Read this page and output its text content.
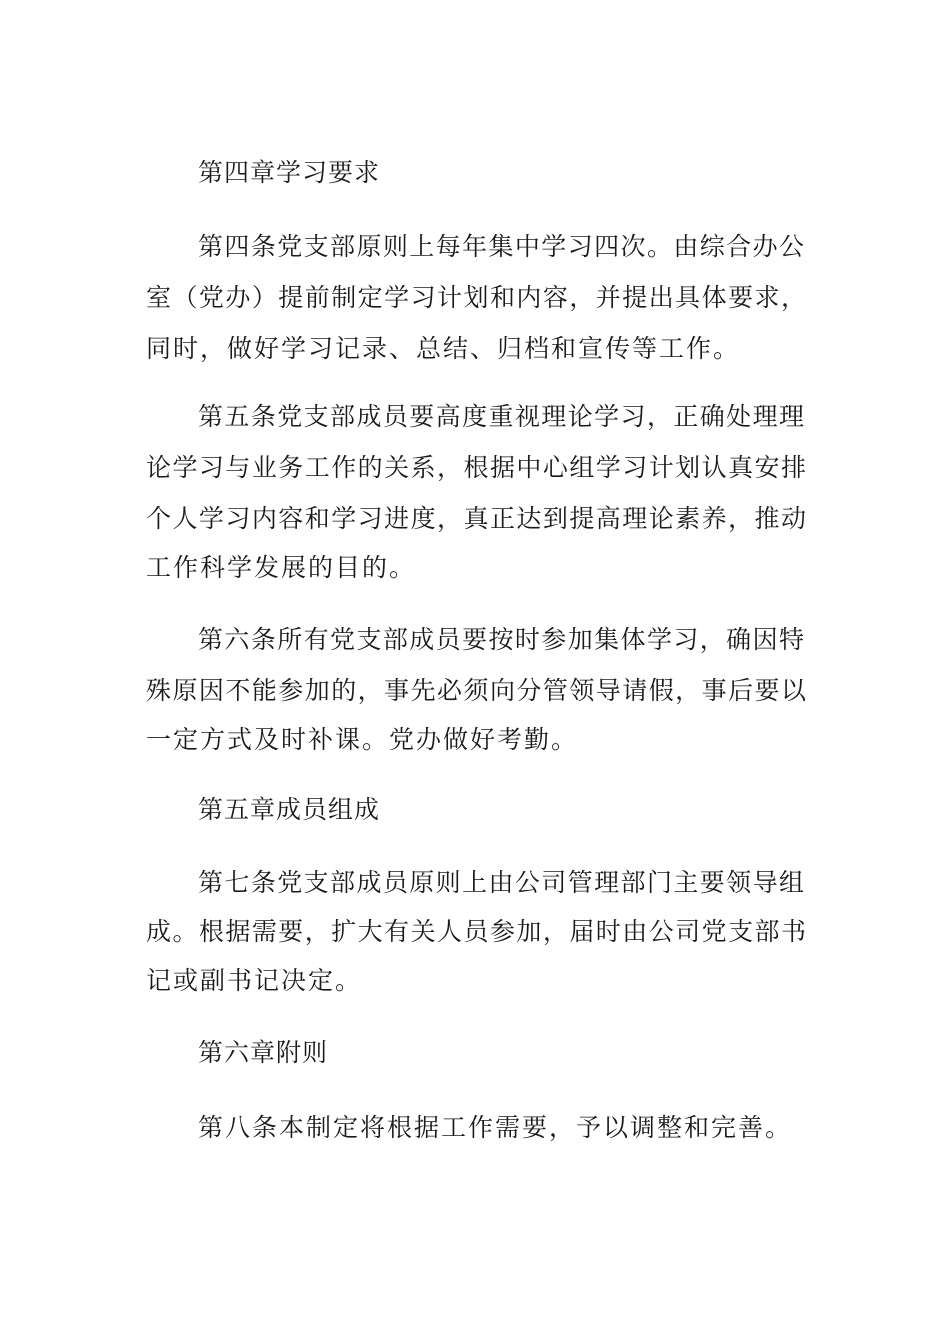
第四章学习要求
第四条党支部原则上每年集中学习四次。由综合办公
室（党办）提前制定学习计划和内容，并提出具体要求，
同时，做好学习记录、总结、归档和宣传等工作。
第五条党支部成员要高度重视理论学习，正确处理理
论学习与业务工作的关系，根据中心组学习计划认真安排
个人学习内容和学习进度，真正达到提高理论素养，推动
工作科学发展的目的。
第六条所有党支部成员要按时参加集体学习，确因特
殊原因不能参加的，事先必须向分管领导请假，事后要以
一定方式及时补课。党办做好考勤。
第五章成员组成
第七条党支部成员原则上由公司管理部门主要领导组
成。根据需要，扩大有关人员参加，届时由公司党支部书
记或副书记决定。
第六章附则
第八条本制定将根据工作需要，予以调整和完善。
